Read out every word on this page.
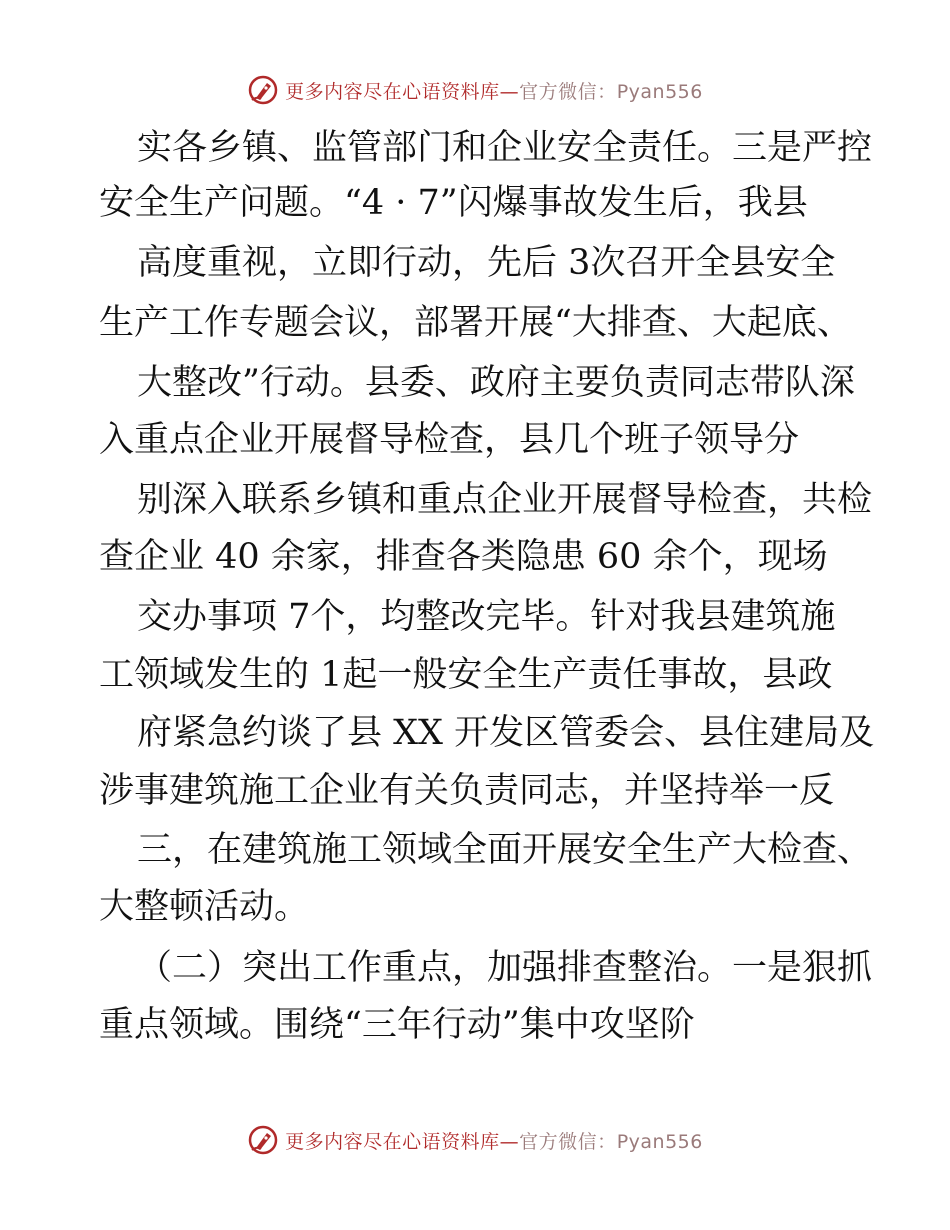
更多内容尽在心语资料库—官方微信：Pyan556
实各乡镇、监管部门和企业安全责任。三是严控
安全生产问题。“4 · 7”闪爆事故发生后，我县
高度重视，立即行动，先后 3次召开全县安全
生产工作专题会议，部署开展“大排查、大起底、
大整改”行动。县委、政府主要负责同志带队深
入重点企业开展督导检查，县几个班子领导分
别深入联系乡镇和重点企业开展督导检查，共检
查企业 40 余家，排查各类隐患 60 余个，现场
交办事项 7个，均整改完毕。针对我县建筑施
工领域发生的 1起一般安全生产责任事故，县政
府紧急约谈了县 XX 开发区管委会、县住建局及
涉事建筑施工企业有关负责同志，并坚持举一反
三，在建筑施工领域全面开展安全生产大检查、
大整顿活动。
（二）突出工作重点，加强排查整治。一是狠抓
重点领域。围绕“三年行动”集中攻坚阶
更多内容尽在心语资料库—官方微信：Pyan556
